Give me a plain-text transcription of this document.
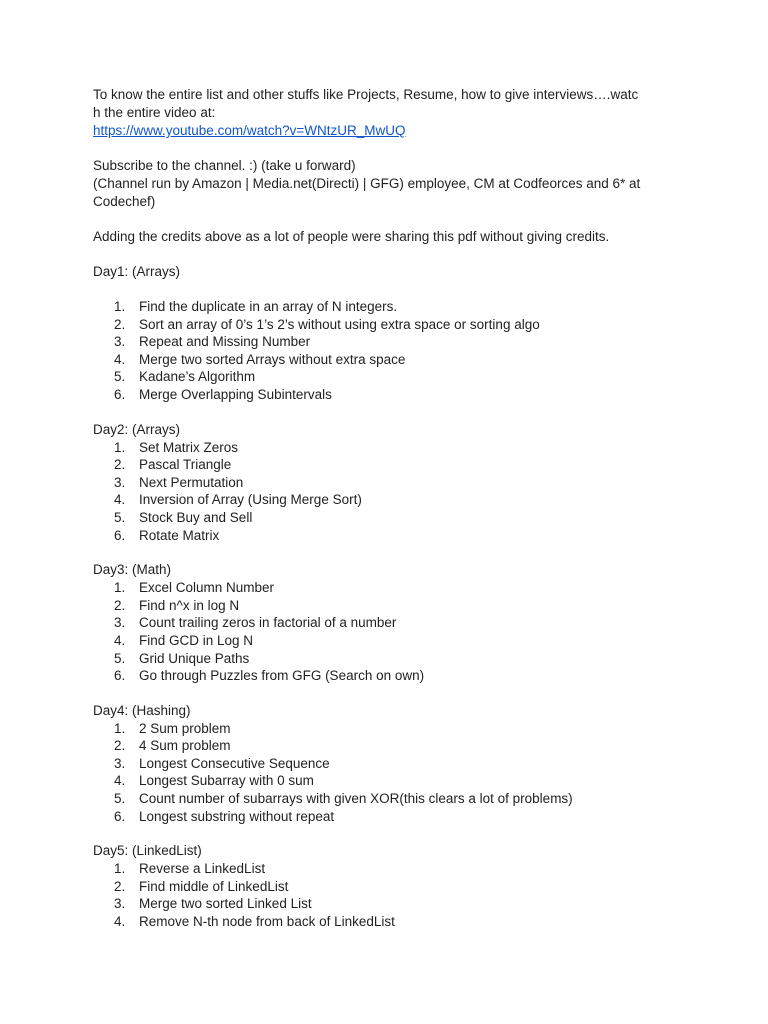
To know the entire list and other stuffs like Projects, Resume, how to give interviews….watc
h the entire video at:
https://www.youtube.com/watch?v=WNtzUR_MwUQ
Subscribe to the channel. :) (take u forward)
(Channel run by Amazon | Media.net(Directi) | GFG) employee, CM at Codfeorces and 6* at
Codechef)
Adding the credits above as a lot of people were sharing this pdf without giving credits.
Day1: (Arrays)
1.	Find the duplicate in an array of N integers.
2.	Sort an array of 0’s 1’s 2’s without using extra space or sorting algo
3.	Repeat and Missing Number
4.	Merge two sorted Arrays without extra space
5.	Kadane’s Algorithm
6.	Merge Overlapping Subintervals
Day2: (Arrays)
1.	Set Matrix Zeros
2.	Pascal Triangle
3.	Next Permutation
4.	Inversion of Array (Using Merge Sort)
5.	Stock Buy and Sell
6.	Rotate Matrix
Day3: (Math)
1.	Excel Column Number
2.	Find n^x in log N
3.	Count trailing zeros in factorial of a number
4.	Find GCD in Log N
5.	Grid Unique Paths
6.	Go through Puzzles from GFG (Search on own)
Day4: (Hashing)
1.	2 Sum problem
2.	4 Sum problem
3.	Longest Consecutive Sequence
4.	Longest Subarray with 0 sum
5.	Count number of subarrays with given XOR(this clears a lot of problems)
6.	Longest substring without repeat
Day5: (LinkedList)
1.	Reverse a LinkedList
2.	Find middle of LinkedList
3.	Merge two sorted Linked List
4.	Remove N-th node from back of LinkedList
